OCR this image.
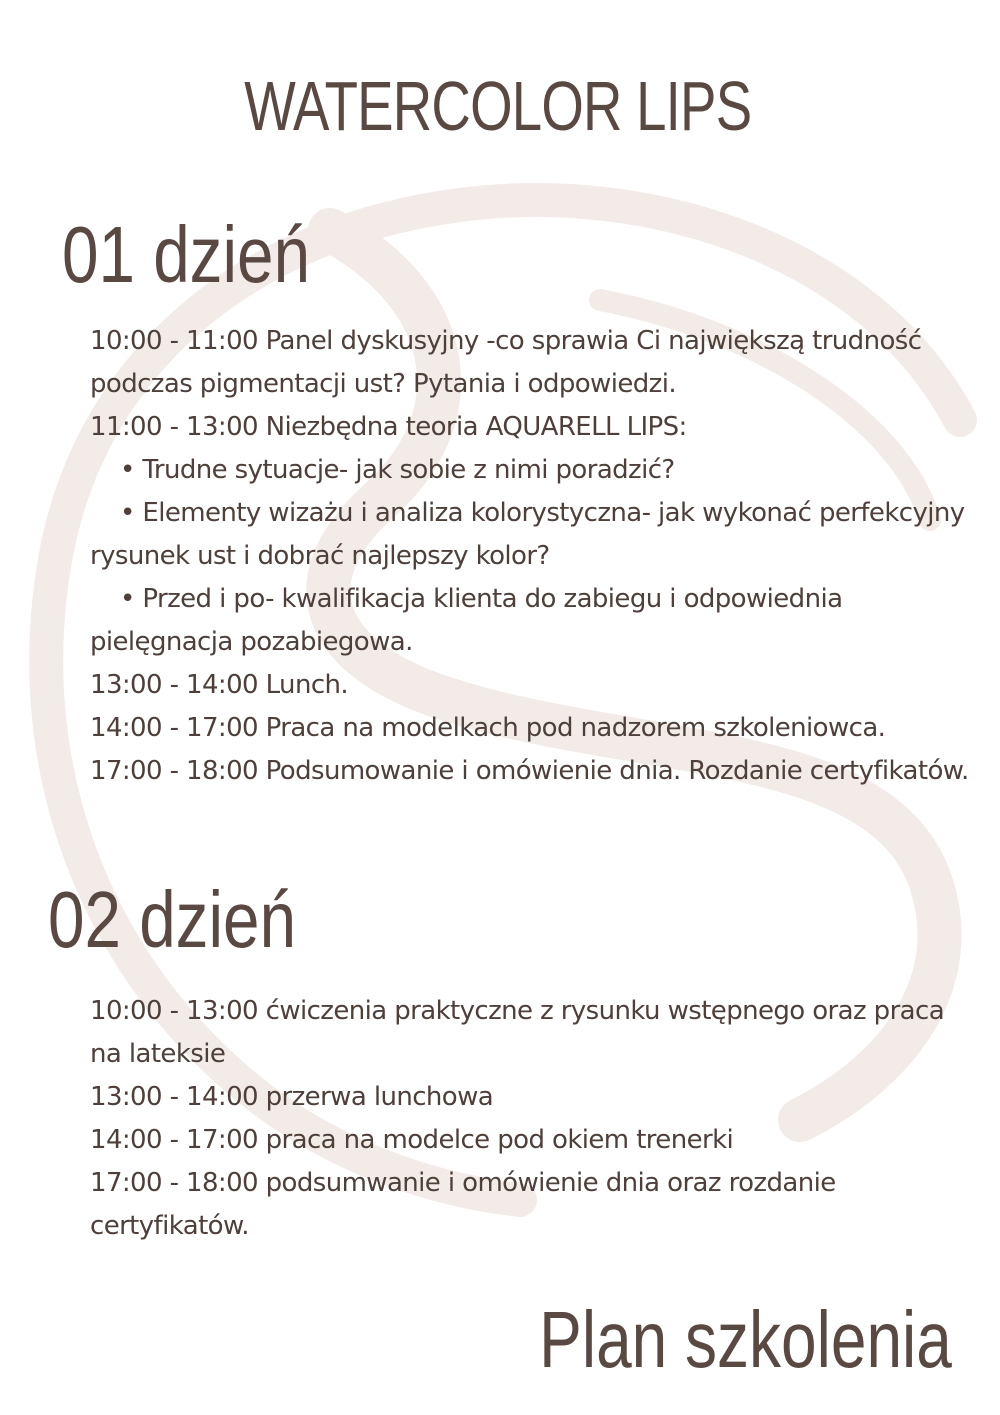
WATERCOLOR LIPS
01 dzień

10:00 - 11:00 Panel dyskusyjny -co sprawia Ci największą trudność podczas pigmentacji ust? Pytania i odpowiedzi.

11:00 - 13:00 Niezbędna teoria AQUARELL LIPS:

• Trudne sytuacje- jak sobie z nimi poradzić?

• Elementy wizażu i analiza kolorystyczna- jak wykonać perfekcyjny rysunek ust i dobrać najlepszy kolor?

• Przed i po- kwalifikacja klienta do zabiegu i odpowiednia pielęgnacja pozabiegowa.

13:00 - 14:00 Lunch.

14:00 - 17:00 Praca na modelkach pod nadzorem szkoleniowca.

17:00 - 18:00 Podsumowanie i omówienie dnia. Rozdanie certyfikatów.

02 dzień

10:00 - 13:00 ćwiczenia praktyczne z rysunku wstępnego oraz praca na lateksie

13:00 - 14:00 przerwa lunchowa

14:00 - 17:00 praca na modelce pod okiem trenerki

17:00 - 18:00 podsumwanie i omówienie dnia oraz rozdanie certyfikatów.

Plan szkolenia
